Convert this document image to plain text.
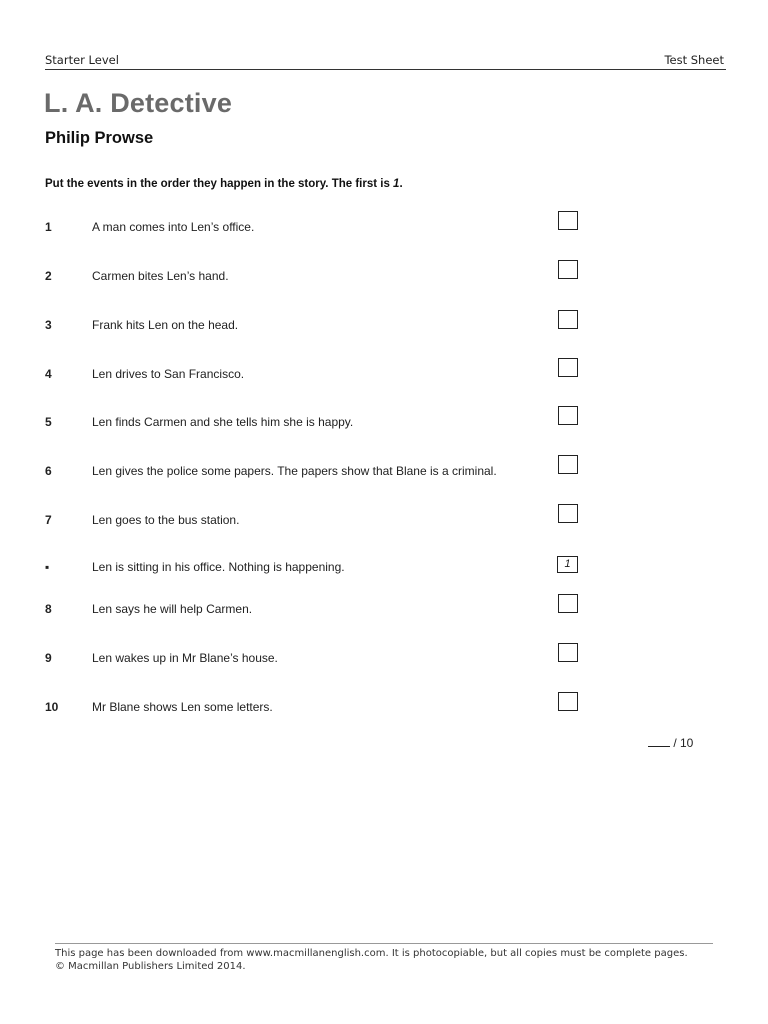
Starter Level	Test Sheet
L. A. Detective
Philip Prowse
Put the events in the order they happen in the story. The first is 1.
1	A man comes into Len’s office.
2	Carmen bites Len’s hand.
3	Frank hits Len on the head.
4	Len drives to San Francisco.
5	Len finds Carmen and she tells him she is happy.
6	Len gives the police some papers. The papers show that Blane is a criminal.
7	Len goes to the bus station.
▪	Len is sitting in his office. Nothing is happening.	1
8	Len says he will help Carmen.
9	Len wakes up in Mr Blane’s house.
10	Mr Blane shows Len some letters.
/ 10
This page has been downloaded from www.macmillanenglish.com. It is photocopiable, but all copies must be complete pages.
© Macmillan Publishers Limited 2014.
